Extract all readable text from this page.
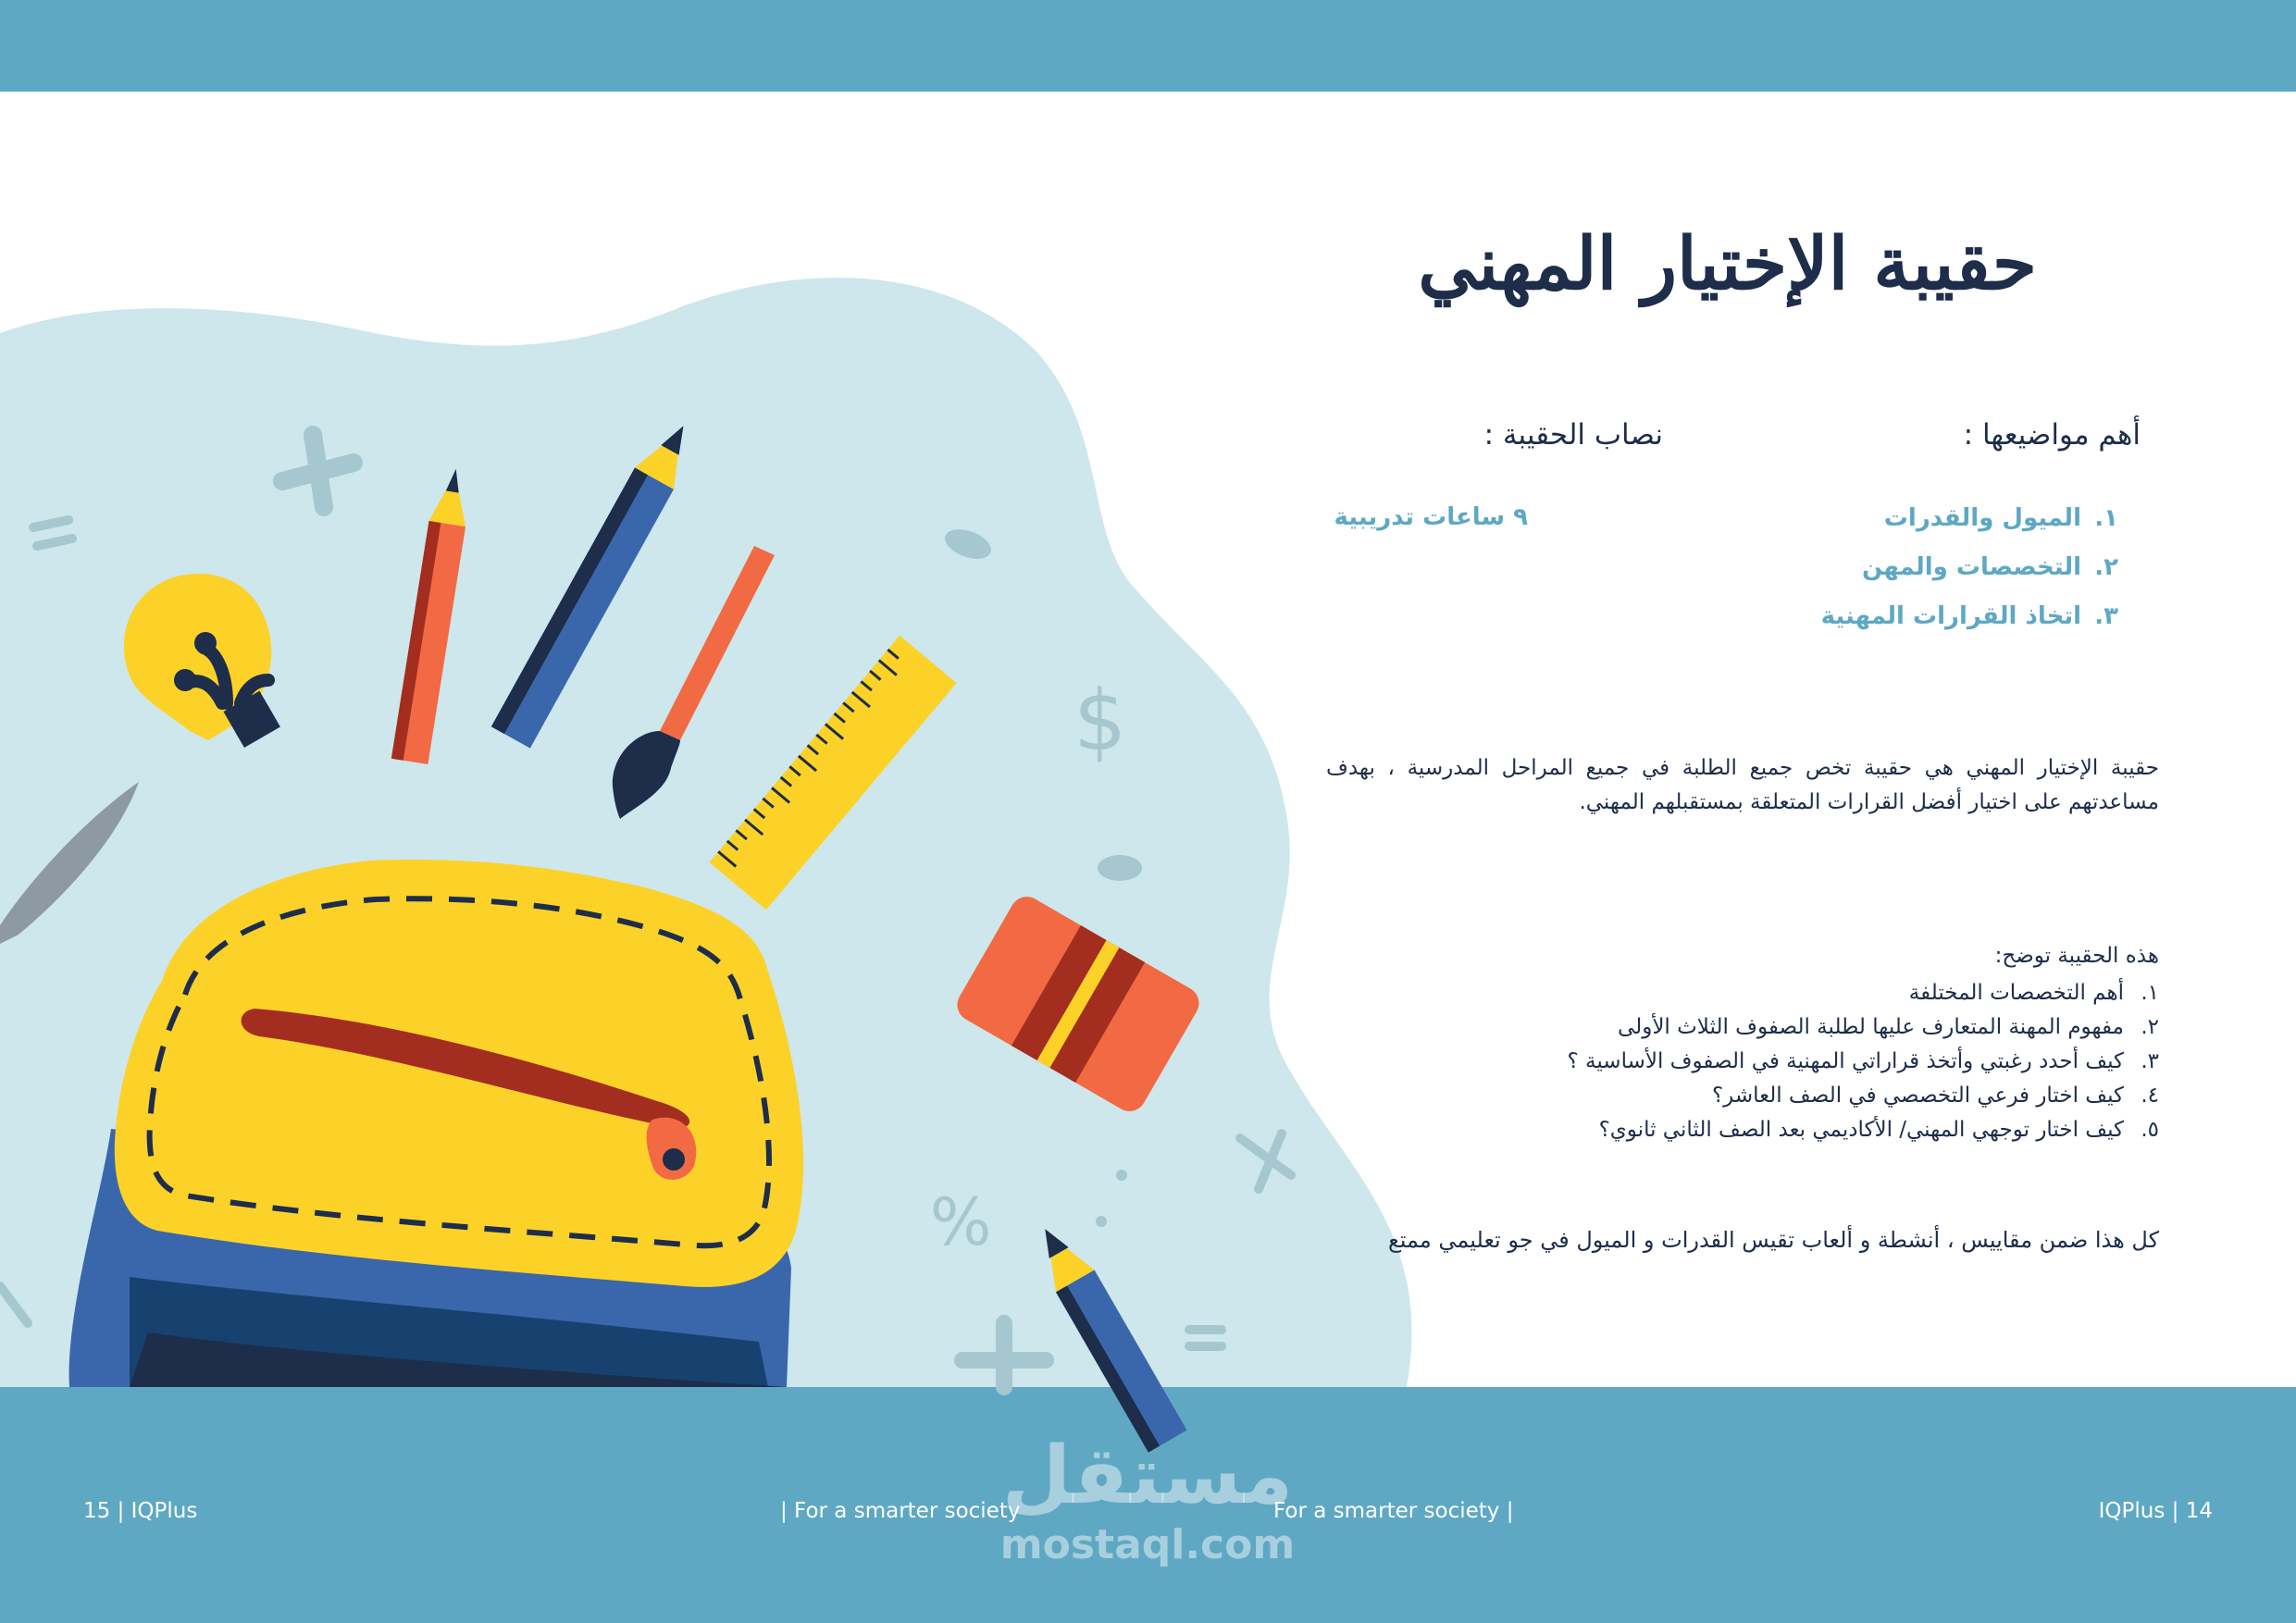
$
%
حقيبة الإختيار المهني
أهم مواضيعها :
نصاب الحقيبة :
١.الميول والقدرات
٢.التخصصات والمهن
٣.اتخاذ القرارات المهنية
٩ ساعات تدريبية

حقيبة الإختيار المهني هي حقيبة تخص جميع الطلبة في جميع المراحل المدرسية ، بهدف مساعدتهم على اختيار أفضل القرارات المتعلقة بمستقبلهم المهني.

هذه الحقيبة توضح:
١.أهم التخصصات المختلفة
٢.مفهوم المهنة المتعارف عليها لطلبة الصفوف الثلاث الأولى
٣.كيف أحدد رغبتي وأتخذ قراراتي المهنية في الصفوف الأساسية ؟
٤.كيف اختار فرعي التخصصي في الصف العاشر؟
٥.كيف اختار توجهي المهني/ الأكاديمي بعد الصف الثاني ثانوي؟

كل هذا ضمن مقاييس ، أنشطة و ألعاب تقيس القدرات و الميول في جو تعليمي ممتع

15 | IQPlus	| For a smarter society	For a smarter society |	IQPlus | 14
مستقل
mostaql.com
